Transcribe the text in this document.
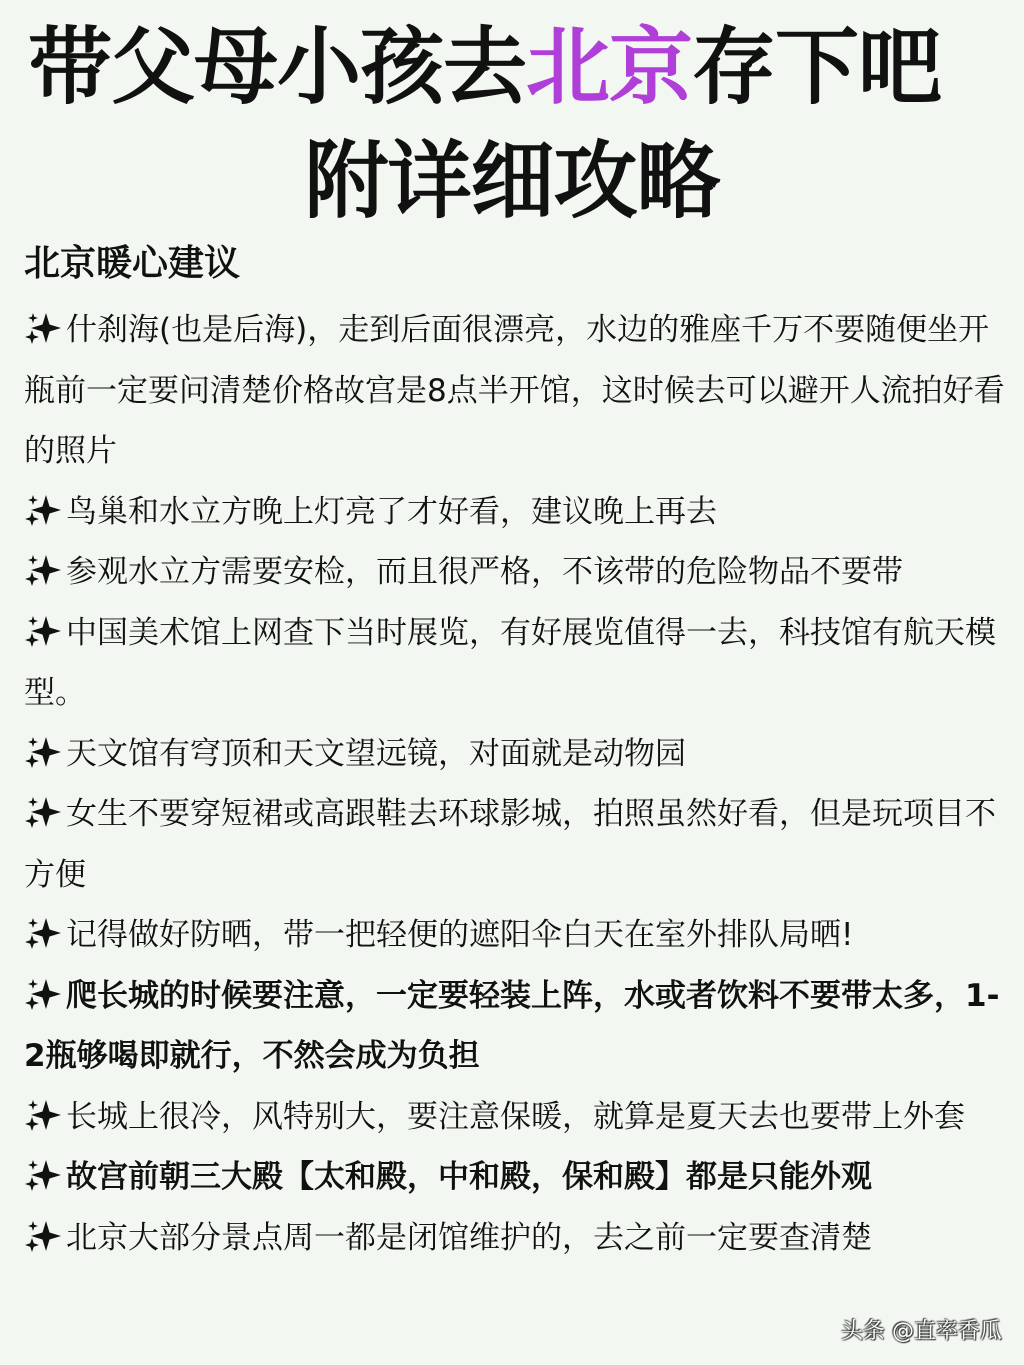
带父母小孩去北京存下吧
附详细攻略
北京暖心建议

什刹海(也是后海)，走到后面很漂亮，水边的雅座千万不要随便坐开瓶前一定要问清楚价格故宫是8点半开馆，这时候去可以避开人流拍好看的照片

鸟巢和水立方晚上灯亮了才好看，建议晚上再去

参观水立方需要安检，而且很严格，不该带的危险物品不要带

中国美术馆上网查下当时展览，有好展览值得一去，科技馆有航天模型。

天文馆有穹顶和天文望远镜，对面就是动物园

女生不要穿短裙或高跟鞋去环球影城，拍照虽然好看，但是玩项目不方便

记得做好防晒，带一把轻便的遮阳伞白天在室外排队局晒!

爬长城的时候要注意，一定要轻装上阵，水或者饮料不要带太多，1-2瓶够喝即就行，不然会成为负担

长城上很冷，风特别大，要注意保暖，就算是夏天去也要带上外套

故宫前朝三大殿【太和殿，中和殿，保和殿】都是只能外观

北京大部分景点周一都是闭馆维护的，去之前一定要查清楚

头条 @直率香瓜
